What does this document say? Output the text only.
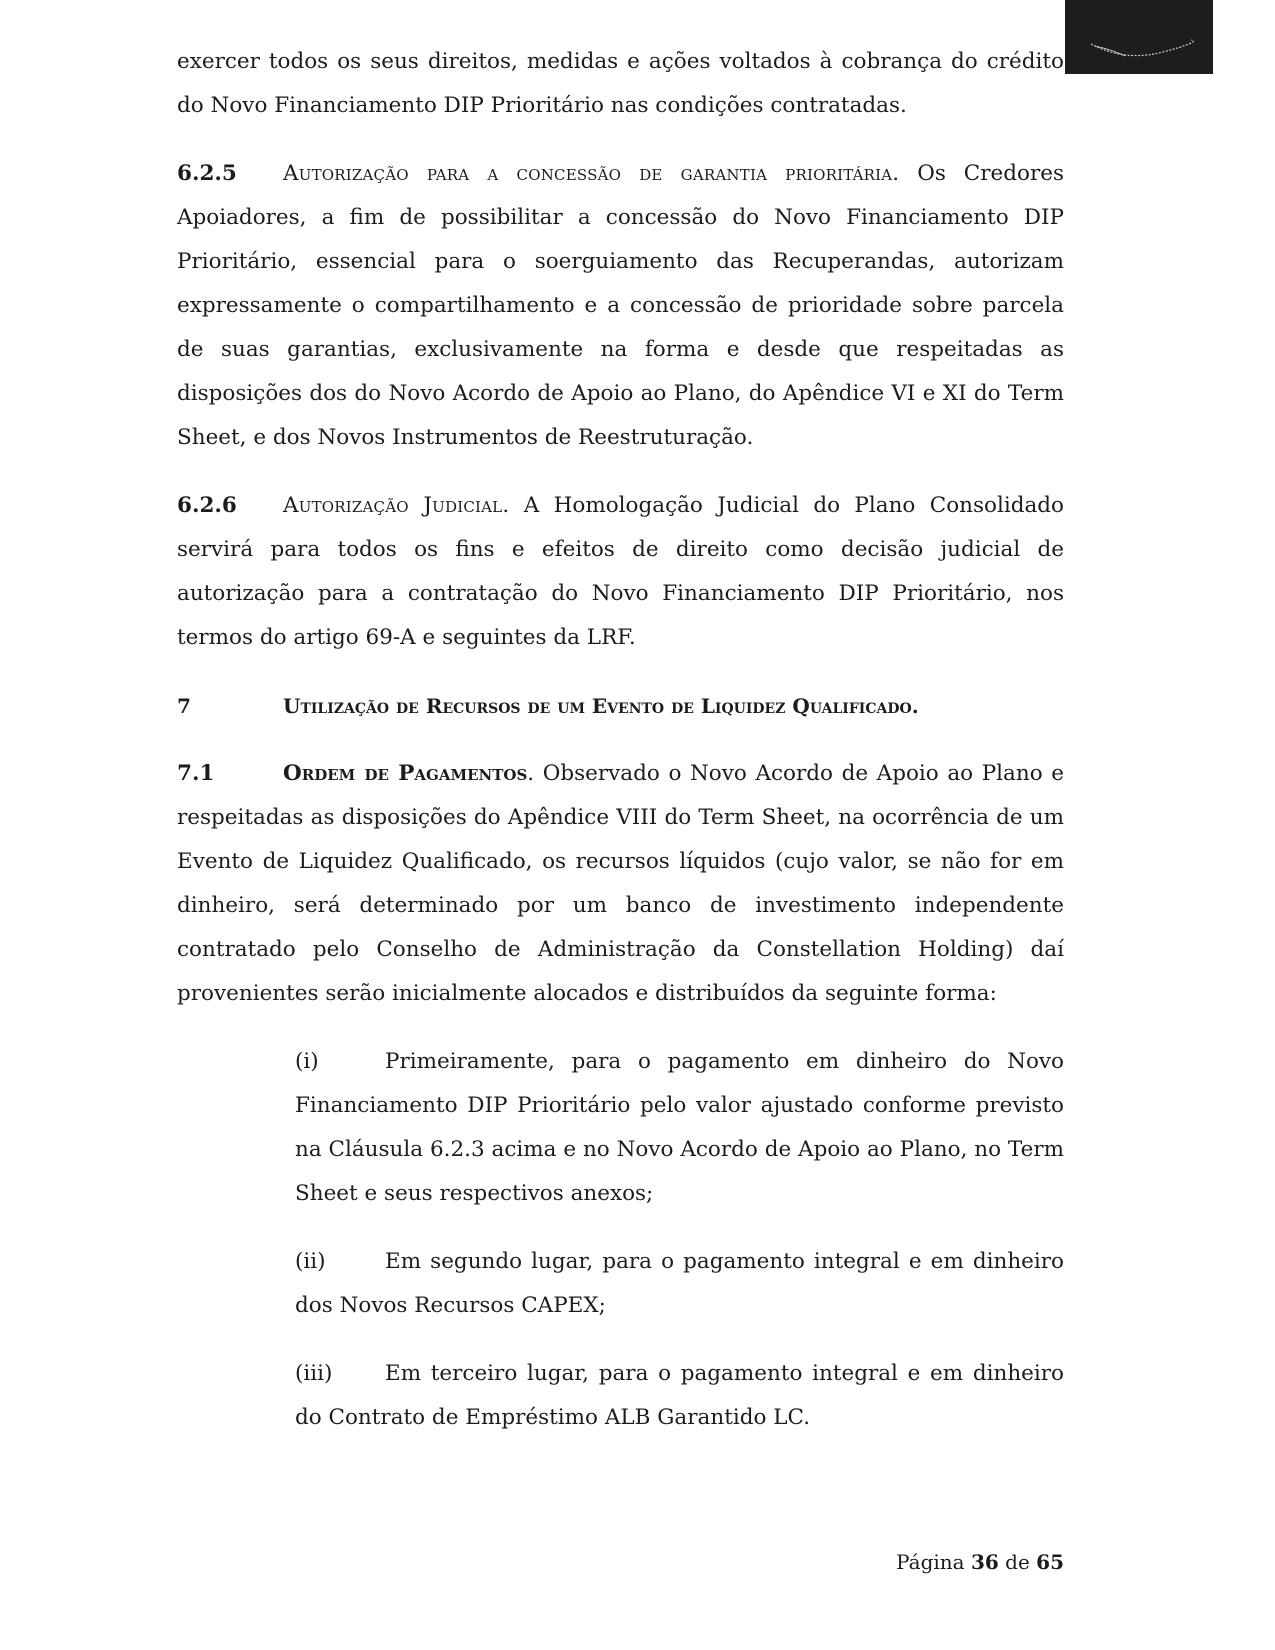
exercer todos os seus direitos, medidas e ações voltados à cobrança do crédito do Novo Financiamento DIP Prioritário nas condições contratadas.

6.2.5 Autorização para a concessão de garantia prioritária. Os Credores Apoiadores, a fim de possibilitar a concessão do Novo Financiamento DIP Prioritário, essencial para o soerguiamento das Recuperandas, autorizam expressamente o compartilhamento e a concessão de prioridade sobre parcela de suas garantias, exclusivamente na forma e desde que respeitadas as disposições dos do Novo Acordo de Apoio ao Plano, do Apêndice VI e XI do Term Sheet, e dos Novos Instrumentos de Reestruturação.

6.2.6 Autorização Judicial. A Homologação Judicial do Plano Consolidado servirá para todos os fins e efeitos de direito como decisão judicial de autorização para a contratação do Novo Financiamento DIP Prioritário, nos termos do artigo 69-A e seguintes da LRF.

7	Utilização de Recursos de um Evento de Liquidez Qualificado.

7.1	Ordem de Pagamentos. Observado o Novo Acordo de Apoio ao Plano e respeitadas as disposições do Apêndice VIII do Term Sheet, na ocorrência de um Evento de Liquidez Qualificado, os recursos líquidos (cujo valor, se não for em dinheiro, será determinado por um banco de investimento independente contratado pelo Conselho de Administração da Constellation Holding) daí provenientes serão inicialmente alocados e distribuídos da seguinte forma:

(i)	Primeiramente, para o pagamento em dinheiro do Novo Financiamento DIP Prioritário pelo valor ajustado conforme previsto na Cláusula 6.2.3 acima e no Novo Acordo de Apoio ao Plano, no Term Sheet e seus respectivos anexos;

(ii)	Em segundo lugar, para o pagamento integral e em dinheiro dos Novos Recursos CAPEX;

(iii) Em terceiro lugar, para o pagamento integral e em dinheiro do Contrato de Empréstimo ALB Garantido LC.

Página 36 de 65
